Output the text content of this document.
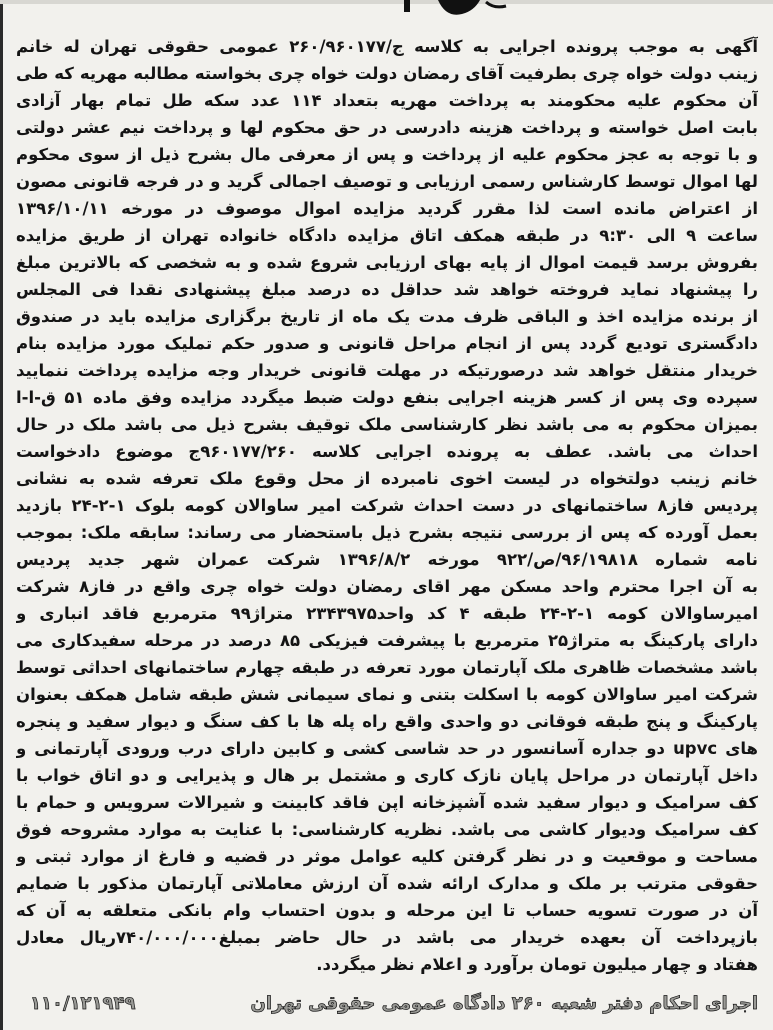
آگهی به موجب پرونده اجرایی به کلاسه ج/۲۶۰/۹۶۰۱۷۷ عمومی حقوقی تهران له خانم
زینب دولت خواه چری بطرفیت آقای رمضان دولت خواه چری بخواسته مطالبه مهریه که طی
آن محکوم علیه محکومند به پرداخت مهریه بتعداد ۱۱۴ عدد سکه طل تمام بهار آزادی
بابت اصل خواسته و پرداخت هزینه دادرسی در حق محکوم لها و پرداخت نیم عشر دولتی
و با توجه به عجز محکوم علیه از پرداخت و پس از معرفی مال بشرح ذیل از سوی محکوم
لها اموال توسط کارشناس رسمی ارزیابی و توصیف اجمالی گرید و در فرجه قانونی مصون
از اعتراض مانده است لذا مقرر گردید مزایده اموال موصوف در مورخه ۱۳۹۶/۱۰/۱۱
ساعت ۹ الی ۹:۳۰ در طبقه همکف اتاق مزایده دادگاه خانواده تهران از طریق مزایده
بفروش برسد قیمت اموال از پایه بهای ارزیابی شروع شده و به شخصی که بالاترین مبلغ
را پیشنهاد نماید فروخته خواهد شد حداقل ده درصد مبلغ پیشنهادی نقدا فی المجلس
از برنده مزایده اخذ و الباقی ظرف مدت یک ماه از تاریخ برگزاری مزایده باید در صندوق
دادگستری تودیع گردد پس از انجام مراحل قانونی و صدور حکم تملیک مورد مزایده بنام
خریدار منتقل خواهد شد درصورتیکه در مهلت قانونی خریدار وجه مزایده پرداخت ننمایید
سپرده وی پس از کسر هزینه اجرایی بنفع دولت ضبط میگردد مزایده وفق ماده ۵۱ ق-ا-ا
بمیزان محکوم به می باشد نظر کارشناسی ملک توقیف بشرح ذیل می باشد ملک در حال
احداث می باشد. عطف به پرونده اجرایی کلاسه ۹۶۰۱۷۷/۲۶۰ج موضوع دادخواست
خانم زینب دولتخواه در لیست اخوی نامبرده از محل وقوع ملک تعرفه شده به نشانی
پردیس فاز۸ ساختمانهای در دست احداث شرکت امیر ساوالان کومه بلوک ۱-۲-۲۴ بازدید
بعمل آورده که پس از بررسی نتیجه بشرح ذیل باستحضار می رساند: سابقه ملک: بموجب
نامه شماره ۹۶/۱۹۸۱۸/ص/۹۲۲ مورخه ۱۳۹۶/۸/۲ شرکت عمران شهر جدید پردیس
به آن اجرا محترم واحد مسکن مهر اقای رمضان دولت خواه چری واقع در فاز۸ شرکت
امیرساوالان کومه ۱-۲-۲۴ طبقه ۴ کد واحد۲۳۴۳۹۷۵ متراژ۹۹ مترمربع فاقد انباری و
دارای پارکینگ به متراژ۲۵ مترمربع با پیشرفت فیزیکی ۸۵ درصد در مرحله سفیدکاری می
باشد مشخصات ظاهری ملک آپارتمان مورد تعرفه در طبقه چهارم ساختمانهای احداثی توسط
شرکت امیر ساوالان کومه با اسکلت بتنی و نمای سیمانی شش طبقه شامل همکف بعنوان
پارکینگ و پنج طبقه فوقانی دو واحدی واقع راه پله ها با کف سنگ و دیوار سفید و پنجره
های upvc دو جداره آسانسور در حد شاسی کشی و کابین دارای درب ورودی آپارتمانی و
داخل آپارتمان در مراحل پایان نازک کاری و مشتمل بر هال و پذیرایی و دو اتاق خواب با
کف سرامیک و دیوار سفید شده آشپزخانه اپن فاقد کابینت و شیرالات سرویس و حمام با
کف سرامیک ودیوار کاشی می باشد. نظریه کارشناسی: با عنایت به موارد مشروحه فوق
مساحت و موقعیت و در نظر گرفتن کلیه عوامل موثر در قضیه و فارغ از موارد ثبتی و
حقوقی مترتب بر ملک و مدارک ارائه شده آن ارزش معاملاتی آپارتمان مذکور با ضمایم
آن در صورت تسویه حساب تا این مرحله و بدون احتساب وام بانکی متعلقه به آن که
بازپرداخت آن بعهده خریدار می باشد در حال حاضر بمبلغ۷۴۰/۰۰۰/۰۰۰ریال معادل
هفتاد و چهار میلیون تومان برآورد و اعلام نظر میگردد.
اجرای احکام دفتر شعبه ۲۶۰ دادگاه عمومی حقوقی تهران
۱۱۰/۱۲۱۹۴۹
